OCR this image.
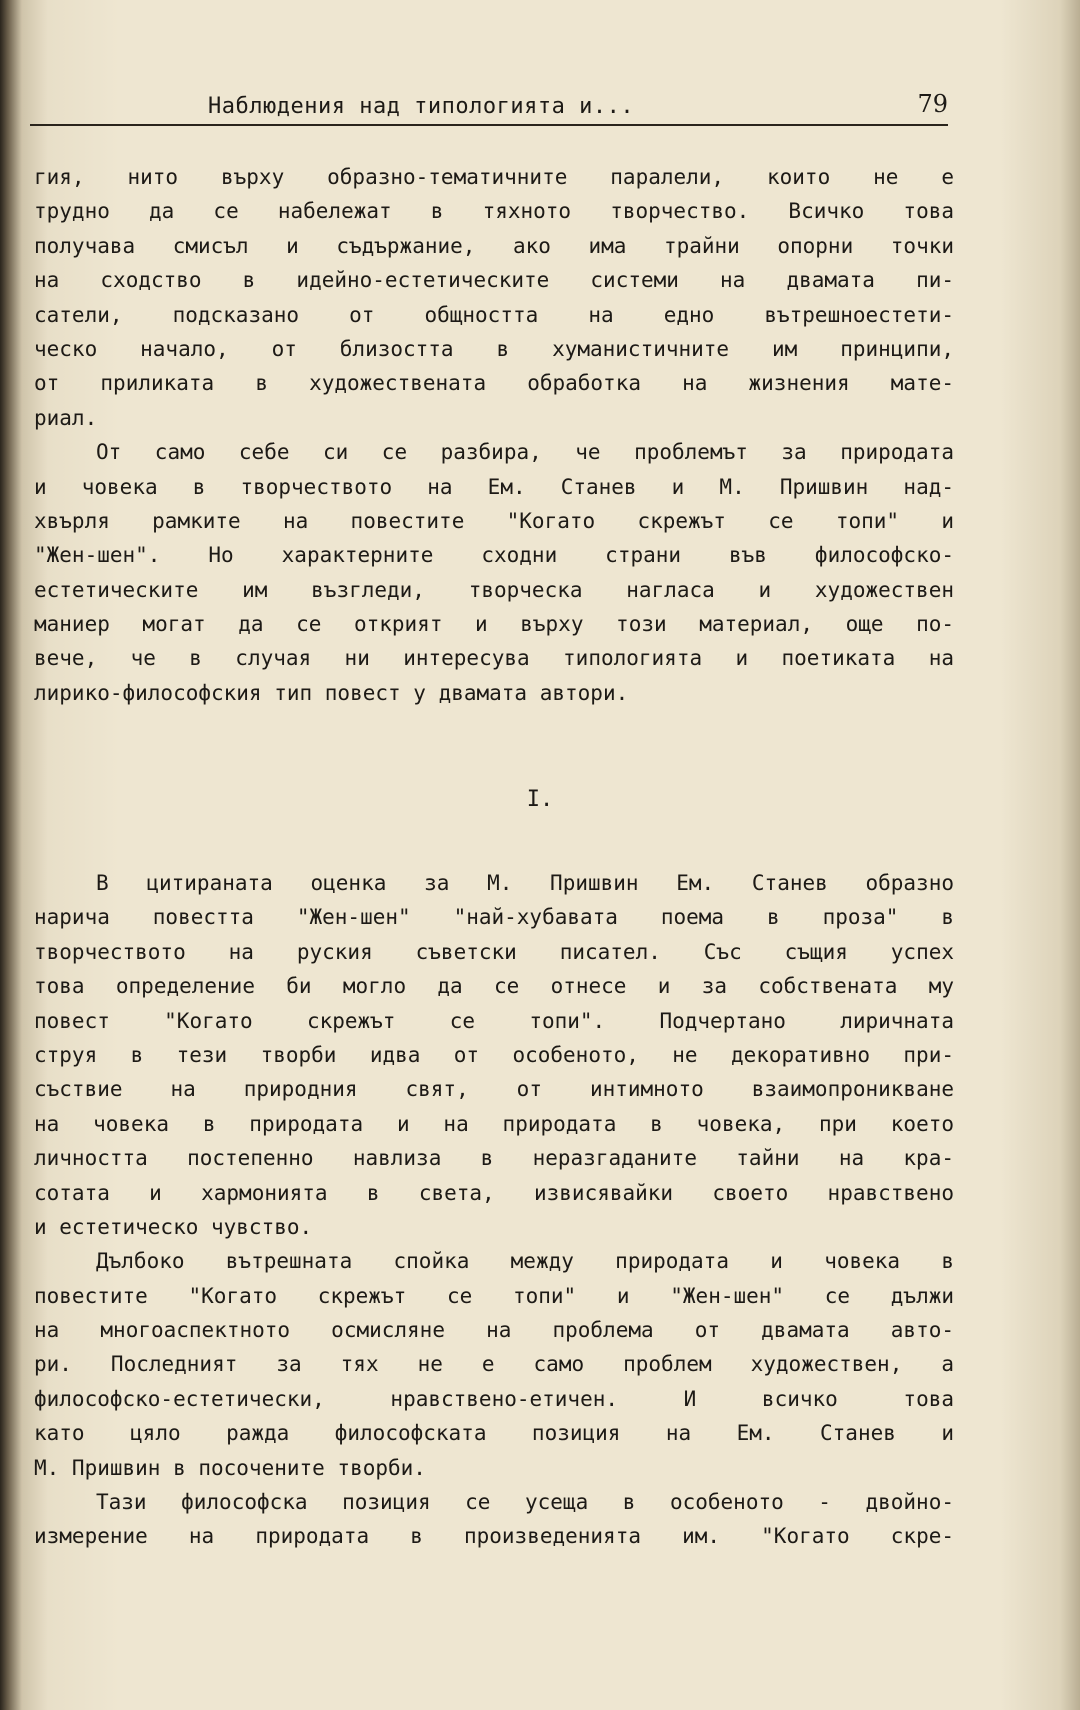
Наблюдения над типологията и...	79
гия, нито върху образно-тематичните паралели, които не е
трудно да се набележат в тяхното творчество. Всичко това
получава смисъл и съдържание, ако има трайни опорни точки
на сходство в идейно-естетическите системи на двамата пи-
сатели, подсказано от общността на едно вътрешноестети-
ческо начало, от близостта в хуманистичните им принципи,
от приликата в художествената обработка на жизнения мате-
риал.
От само себе си се разбира, че проблемът за природата
и човека в творчеството на Ем. Станев и М. Пришвин над-
хвърля рамките на повестите "Когато скрежът се топи" и
"Жен-шен". Но характерните сходни страни във философско-
естетическите им възгледи, творческа нагласа и художествен
маниер могат да се открият и върху този материал, още по-
вече, че в случая ни интересува типологията и поетиката на
лирико-философския тип повест у двамата автори.
I.
В цитираната оценка за М. Пришвин Ем. Станев образно
нарича повестта "Жен-шен" "най-хубавата поема в проза" в
творчеството на руския съветски писател. Със същия успех
това определение би могло да се отнесе и за собствената му
повест "Когато скрежът се топи". Подчертано лиричната
струя в тези творби идва от особеното, не декоративно при-
съствие на природния свят, от интимното взаимопроникване
на човека в природата и на природата в човека, при което
личността постепенно навлиза в неразгаданите тайни на кра-
сотата и хармонията в света, извисявайки своето нравствено
и естетическо чувство.
Дълбоко вътрешната спойка между природата и човека в
повестите "Когато скрежът се топи" и "Жен-шен" се дължи
на многоаспектното осмисляне на проблема от двамата авто-
ри. Последният за тях не е само проблем художествен, а
философско-естетически, нравствено-етичен. И всичко това
като цяло ражда философската позиция на Ем. Станев и
М. Пришвин в посочените творби.
Тази философска позиция се усеща в особеното - двойно-
измерение на природата в произведенията им. "Когато скре-
